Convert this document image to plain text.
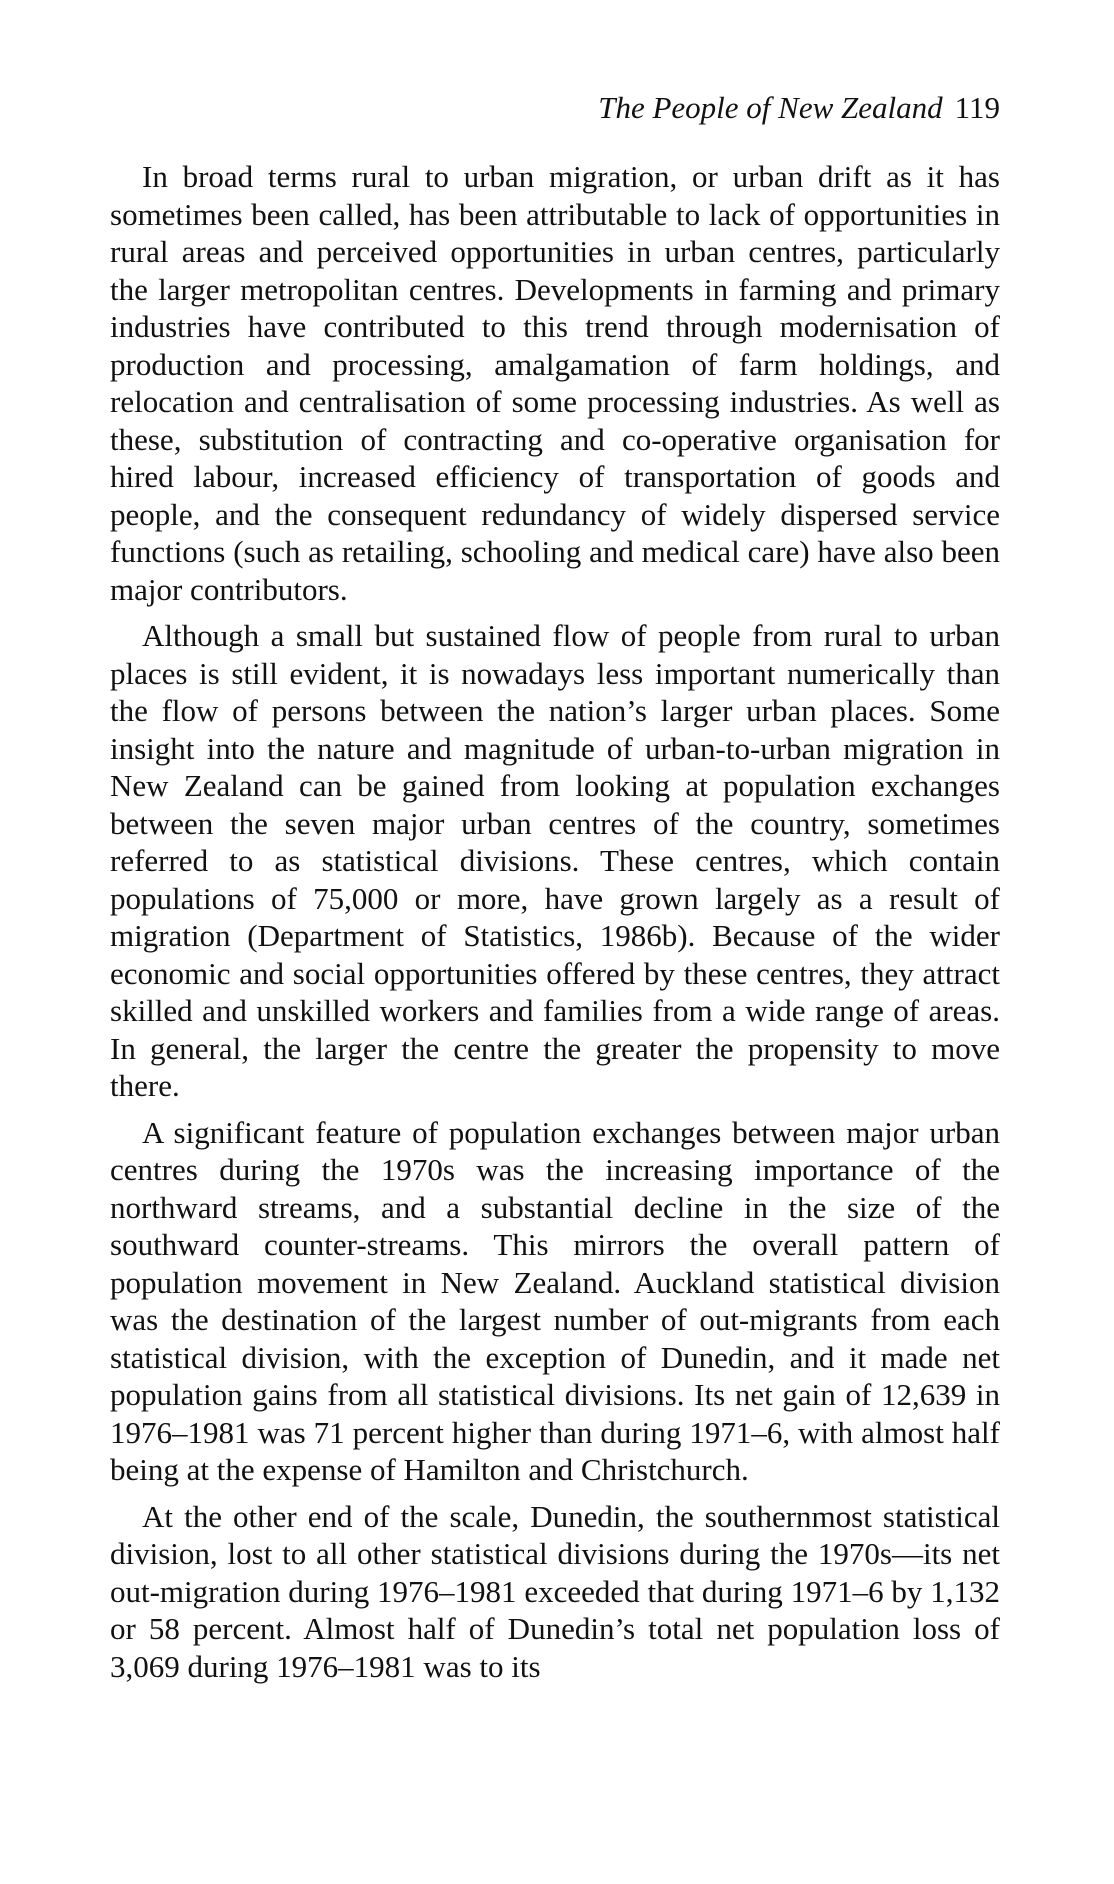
The People of New Zealand 119

In broad terms rural to urban migration, or urban drift as it has sometimes been called, has been attributable to lack of opportunities in rural areas and perceived opportunities in urban centres, particularly the larger metropolitan centres. Developments in farming and primary industries have contributed to this trend through modernisation of production and processing, amalgamation of farm holdings, and relocation and centralisation of some processing industries. As well as these, substitution of contracting and co-operative organisation for hired labour, increased efficiency of transportation of goods and people, and the consequent redundancy of widely dispersed service functions (such as retailing, schooling and medical care) have also been major contributors.

Although a small but sustained flow of people from rural to urban places is still evident, it is nowadays less important numerically than the flow of persons between the nation’s larger urban places. Some insight into the nature and magnitude of urban-to-urban migration in New Zealand can be gained from looking at population exchanges between the seven major urban centres of the country, sometimes referred to as statistical divisions. These centres, which contain populations of 75,000 or more, have grown largely as a result of migration (Department of Statistics, 1986b). Because of the wider economic and social opportunities offered by these centres, they attract skilled and unskilled workers and families from a wide range of areas. In general, the larger the centre the greater the propensity to move there.

A significant feature of population exchanges between major urban centres during the 1970s was the increasing importance of the northward streams, and a substantial decline in the size of the southward counter-streams. This mirrors the overall pattern of population movement in New Zealand. Auckland statistical division was the destination of the largest number of out-migrants from each statistical division, with the exception of Dunedin, and it made net population gains from all statistical divisions. Its net gain of 12,639 in 1976–1981 was 71 percent higher than during 1971–6, with almost half being at the expense of Hamilton and Christchurch.

At the other end of the scale, Dunedin, the southernmost statistical division, lost to all other statistical divisions during the 1970s—its net out-migration during 1976–1981 exceeded that during 1971–6 by 1,132 or 58 percent. Almost half of Dunedin’s total net population loss of 3,069 during 1976–1981 was to its
